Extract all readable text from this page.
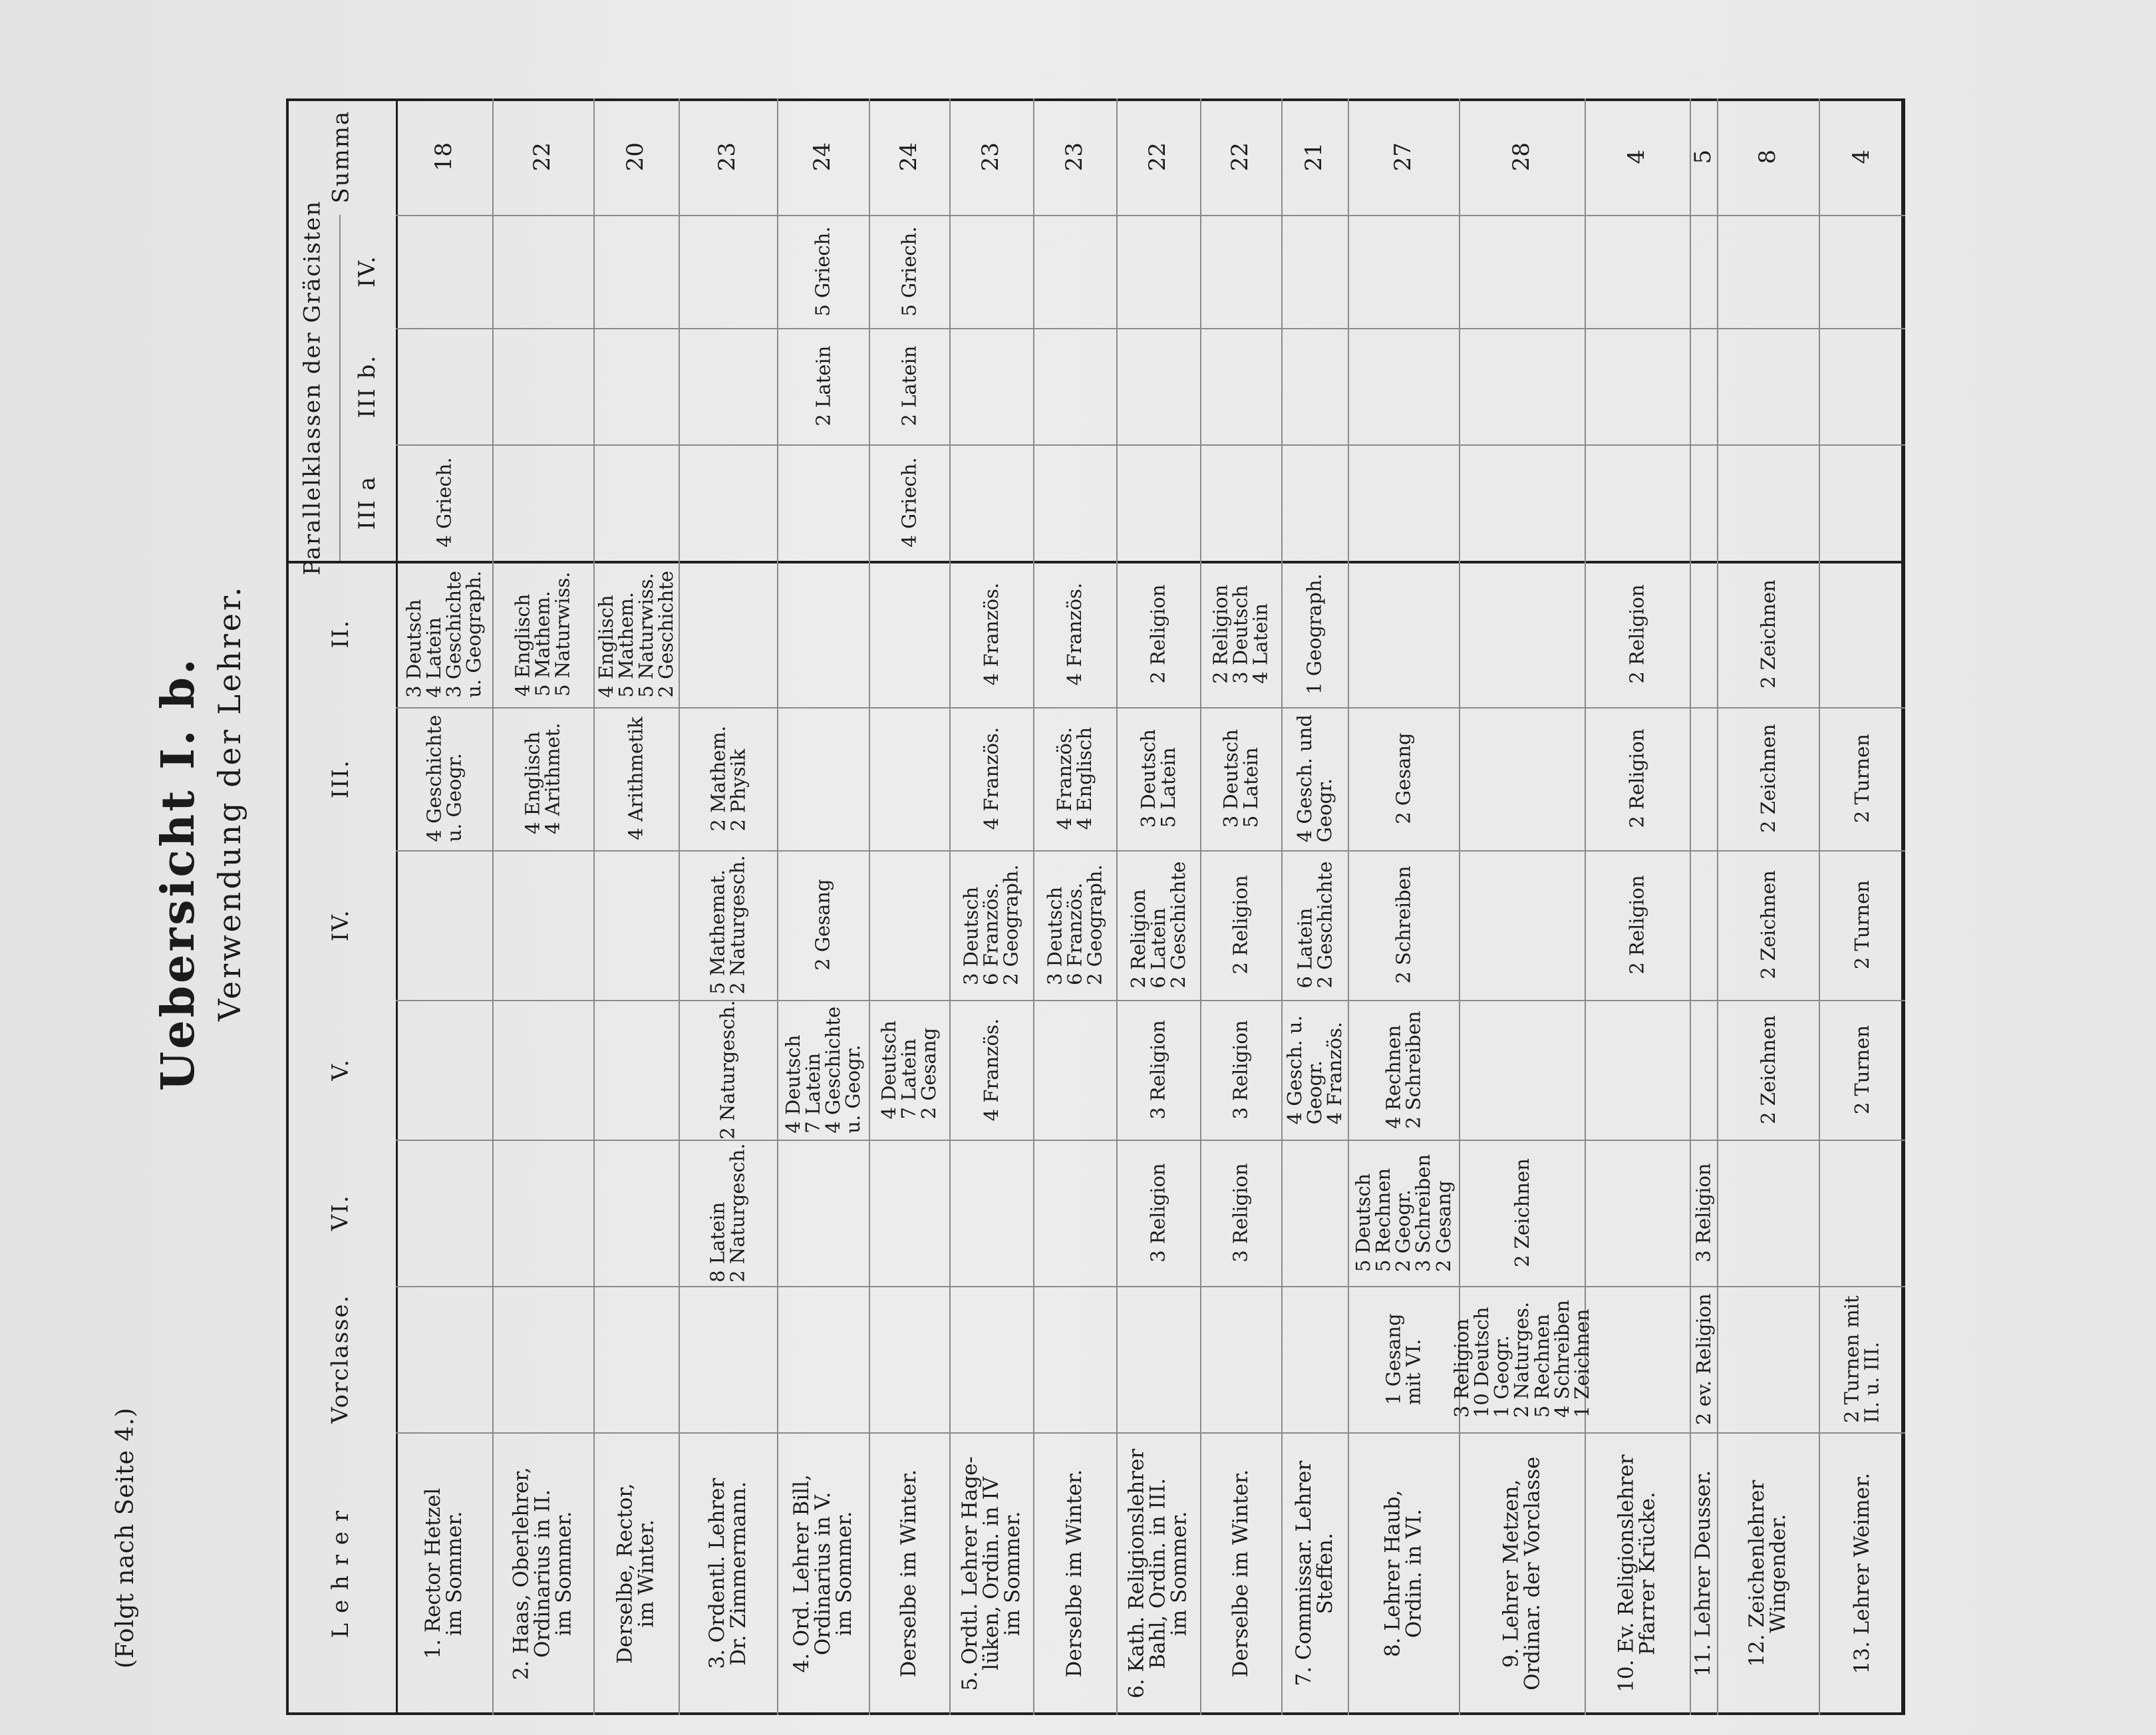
(Folgt nach Seite 4.)
Uebersicht I. b. Verwendung der Lehrer.
Summa
Vorclasse.
VI.
V.
IV.
III.
II.
L e h r e r
Parallelklassen der Gräcisten III a
III b.
IV.
1. Rector Hetzel
im Sommer.
4 Geschichte
u. Geogr.
3 Deutsch
4 Latein
3 Geschichte
u. Geograph.
4 Griech.
18
2. Haas, Oberlehrer,
Ordinarius in II.
im Sommer.
4 Englisch
4 Arithmet.
4 Englisch
5 Mathem.
5 Naturwiss.
22
Derselbe, Rector,
im Winter.
4 Arithmetik
4 Englisch
5 Mathem.
5 Naturwiss.
2 Geschichte
20
3. Ordentl. Lehrer
Dr. Zimmermann.
8 Latein
2 Naturgesch.
2 Naturgesch.
5 Mathemat.
2 Naturgesch.
2 Mathem.
2 Physik
23
4. Ord. Lehrer Bill,
Ordinarius in V.
im Sommer.
4 Deutsch
7 Latein
4 Geschichte
u. Geogr.
2 Gesang
2 Latein
5 Griech.
24
Derselbe im Winter.
4 Deutsch
7 Latein
2 Gesang
4 Griech.
2 Latein
5 Griech.
24
5. Ordtl. Lehrer Hage-
lüken, Ordin. in IV
im Sommer.
4 Französ.
3 Deutsch
6 Französ.
2 Geograph.
4 Französ.
4 Französ.
23
Derselbe im Winter.
3 Deutsch
6 Französ.
2 Geograph.
4 Französ.
4 Englisch
4 Französ.
23
6. Kath. Religionslehrer
Bahl, Ordin. in III.
im Sommer.
3 Religion
3 Religion
2 Religion
6 Latein
2 Geschichte
3 Deutsch
5 Latein
2 Religion
22
Derselbe im Winter.
3 Religion
3 Religion
2 Religion
3 Deutsch
5 Latein
2 Religion
3 Deutsch
4 Latein
22
7. Commissar. Lehrer
Steffen.
4 Gesch. u.
Geogr.
4 Französ.
6 Latein
2 Geschichte
4 Gesch. und
Geogr.
1 Geograph.
21
8. Lehrer Haub,
Ordin. in VI.
1 Gesang
mit VI.
5 Deutsch
5 Rechnen
2 Geogr.
3 Schreiben
2 Gesang
4 Rechnen
2 Schreiben
2 Schreiben
2 Gesang
27
9. Lehrer Metzen,
Ordinar. der Vorclasse
3 Religion
10 Deutsch
1 Geogr.
2 Naturges.
5 Rechnen
4 Schreiben
1 Zeichnen
2 Zeichnen
28
10. Ev. Religionslehrer
Pfarrer Krücke.
2 Religion
2 Religion
2 Religion
4
11. Lehrer Deusser.
2 ev. Religion
3 Religion
5
12. Zeichenlehrer
Wingender.
2 Zeichnen
2 Zeichnen
2 Zeichnen
2 Zeichnen
8
13. Lehrer Weimer.
2 Turnen mit
II. u. III.
2 Turnen
2 Turnen
2 Turnen
4
